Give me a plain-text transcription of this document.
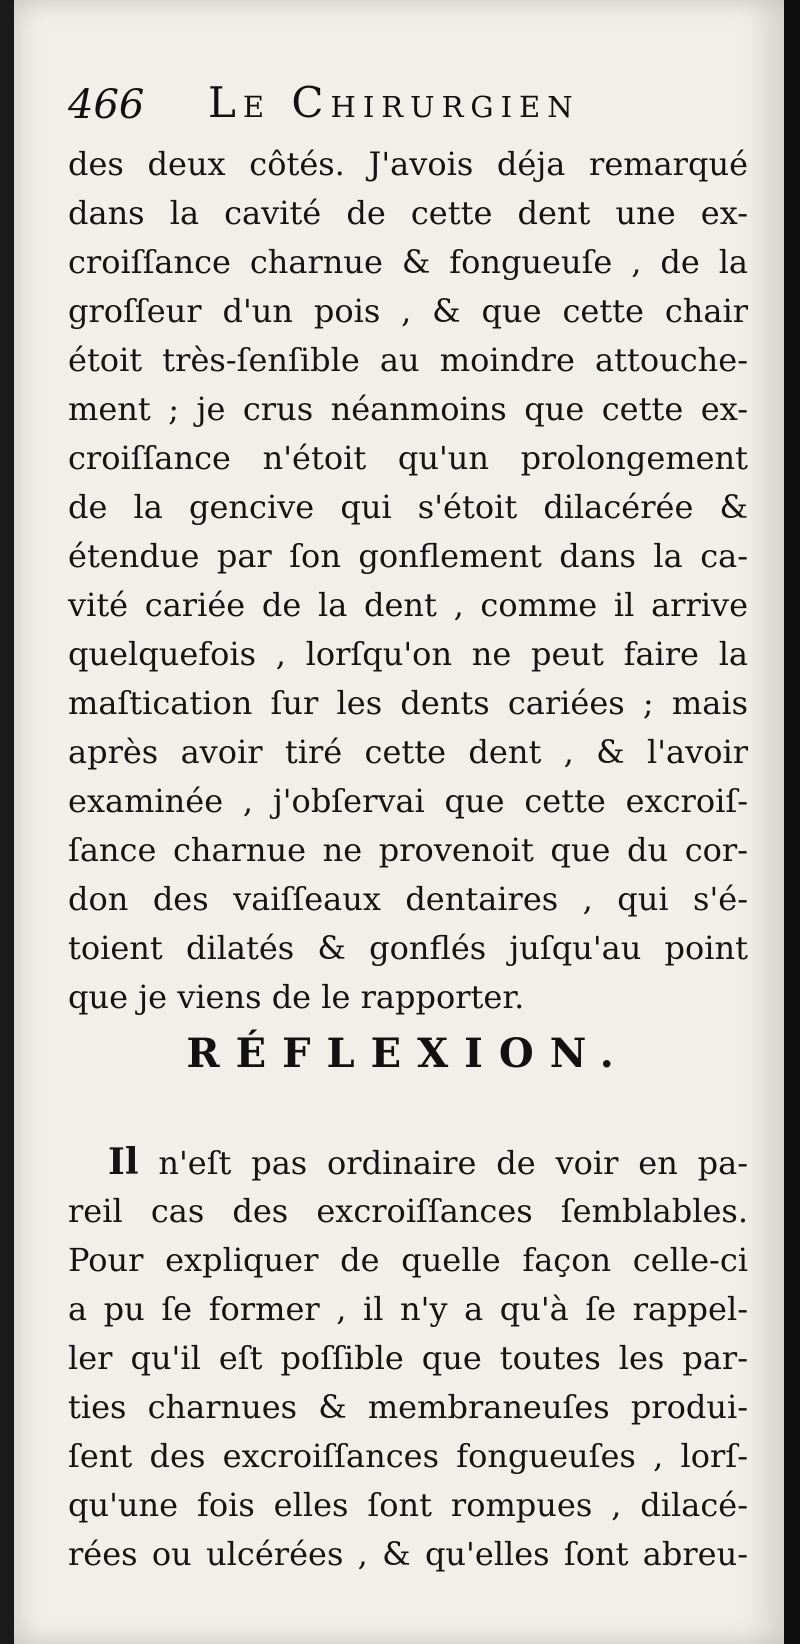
466 Le Chirurgien
des deux côtés. J'avois déja remarqué
dans la cavité de cette dent une ex-
croiſſance charnue & fongueuſe , de la
groſſeur d'un pois , & que cette chair
étoit très-ſenſible au moindre attouche-
ment ; je crus néanmoins que cette ex-
croiſſance n'étoit qu'un prolongement
de la gencive qui s'étoit dilacérée &
étendue par ſon gonflement dans la ca-
vité cariée de la dent , comme il arrive
quelquefois , lorſqu'on ne peut faire la
maſtication ſur les dents cariées ; mais
après avoir tiré cette dent , & l'avoir
examinée , j'obſervai que cette excroiſ-
ſance charnue ne provenoit que du cor-
don des vaiſſeaux dentaires , qui s'é-
toient dilatés & gonflés juſqu'au point
que je viens de le rapporter.
RÉFLEXION.
Il n'eſt pas ordinaire de voir en pa-
reil cas des excroiſſances ſemblables.
Pour expliquer de quelle façon celle-ci
a pu ſe former , il n'y a qu'à ſe rappel-
ler qu'il eſt poſſible que toutes les par-
ties charnues & membraneuſes produi-
ſent des excroiſſances fongueuſes , lorſ-
qu'une fois elles ſont rompues , dilacé-
rées ou ulcérées , & qu'elles ſont abreu-
